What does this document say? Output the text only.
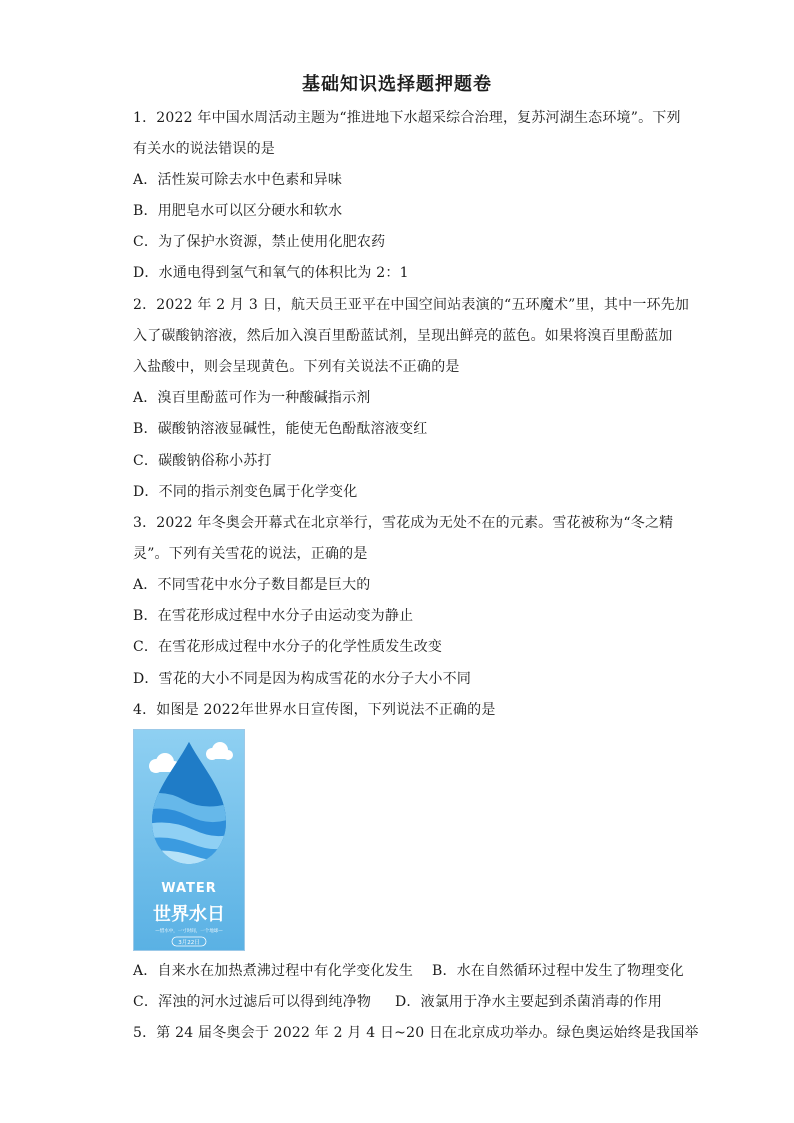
基础知识选择题押题卷
1．2022 年中国水周活动主题为“推进地下水超采综合治理，复苏河湖生态环境”。下列
有关水的说法错误的是
A．活性炭可除去水中色素和异味
B．用肥皂水可以区分硬水和软水
C．为了保护水资源，禁止使用化肥农药
D．水通电得到氢气和氧气的体积比为 2：1
2．2022 年 2 月 3 日，航天员王亚平在中国空间站表演的“五环魔术”里，其中一环先加
入了碳酸钠溶液，然后加入溴百里酚蓝试剂，呈现出鲜亮的蓝色。如果将溴百里酚蓝加
入盐酸中，则会呈现黄色。下列有关说法不正确的是
A．溴百里酚蓝可作为一种酸碱指示剂
B．碳酸钠溶液显碱性，能使无色酚酞溶液变红
C．碳酸钠俗称小苏打
D．不同的指示剂变色属于化学变化
3．2022 年冬奥会开幕式在北京举行，雪花成为无处不在的元素。雪花被称为“冬之精
灵”。下列有关雪花的说法，正确的是
A．不同雪花中水分子数目都是巨大的
B．在雪花形成过程中水分子由运动变为静止
C．在雪花形成过程中水分子的化学性质发生改变
D．雪花的大小不同是因为构成雪花的水分子大小不同
4．如图是 2022年世界水日宣传图，下列说法不正确的是
WATER
世界水日
—惜水中，一寸时间，一个地球—
3月22日
A．自来水在加热煮沸过程中有化学变化发生 B．水在自然循环过程中发生了物理变化
C．浑浊的河水过滤后可以得到纯净物 D．液氯用于净水主要起到杀菌消毒的作用
5．第 24 届冬奥会于 2022 年 2 月 4 日~20 日在北京成功举办。绿色奥运始终是我国举
